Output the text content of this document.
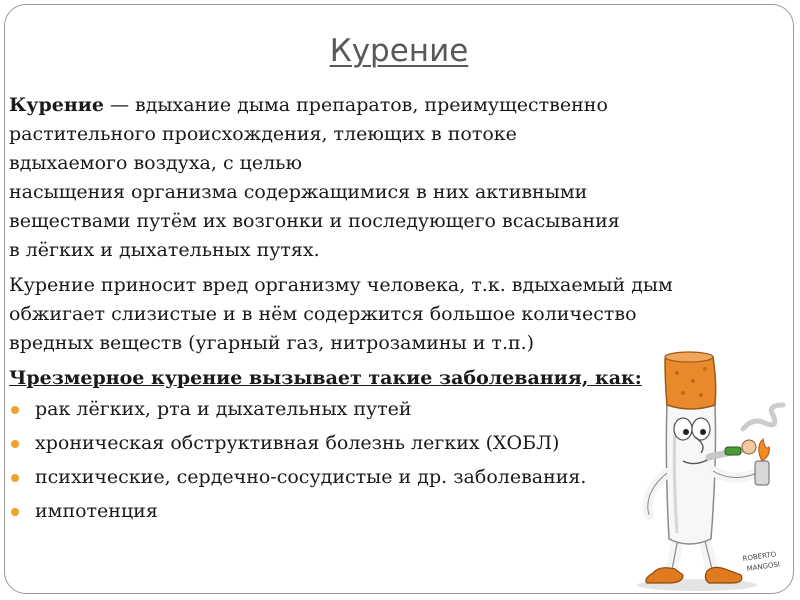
Курение
Курение — вдыхание дыма препаратов, преимущественно
растительного происхождения, тлеющих в потоке
вдыхаемого воздуха, с целью
насыщения организма содержащимися в них активными
веществами путём их возгонки и последующего всасывания
в лёгких и дыхательных путях.
Курение приносит вред организму человека, т.к. вдыхаемый дым
обжигает слизистые и в нём содержится большое количество
вредных веществ (угарный газ, нитрозамины и т.п.)
Чрезмерное курение вызывает такие заболевания, как:
рак лёгких, рта и дыхательных путей
хроническая обструктивная болезнь легких (ХОБЛ)
психические, сердечно-сосудистые и др. заболевания.
импотенция
ROBERTO
MANGOSI
